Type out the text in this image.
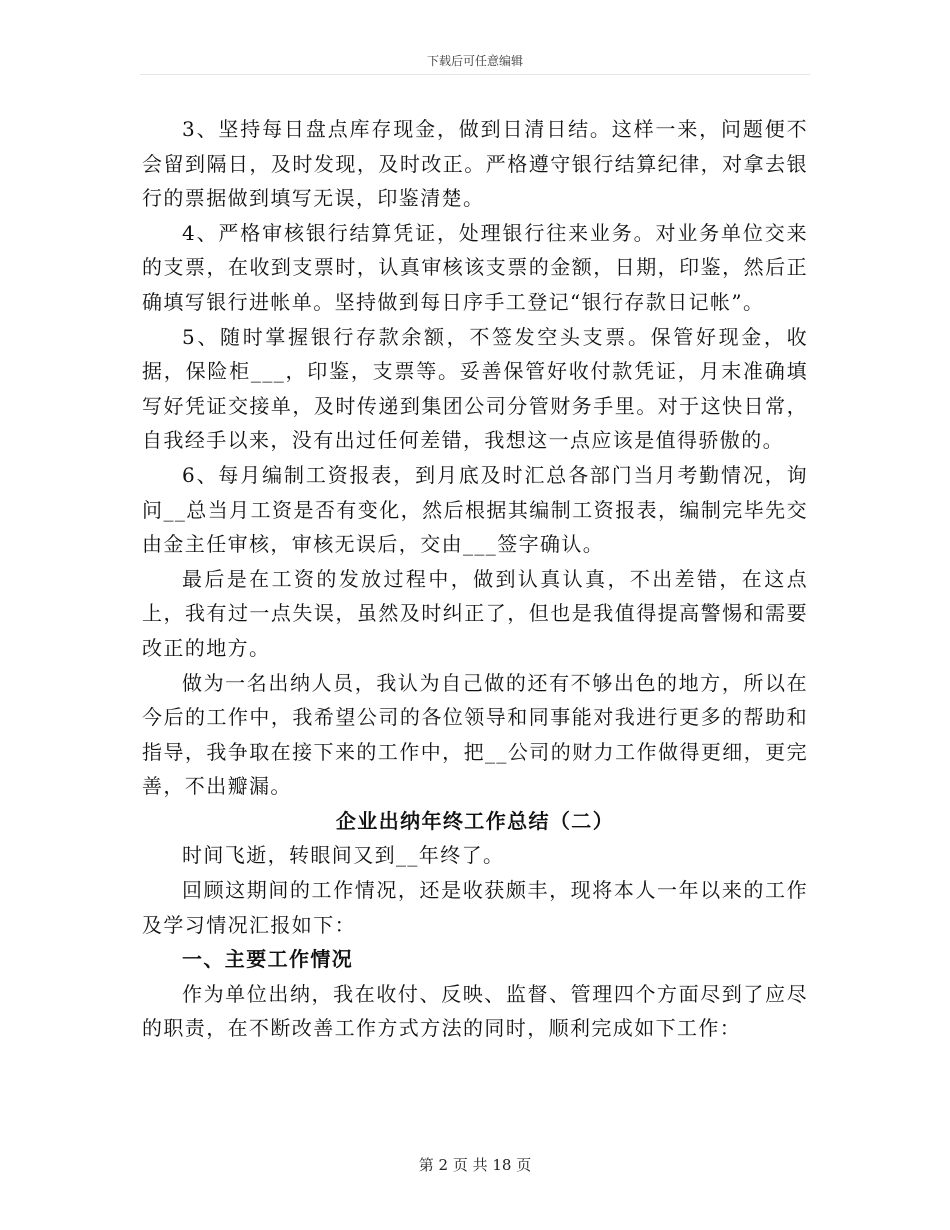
下载后可任意编辑

3、坚持每日盘点库存现金，做到日清日结。这样一来，问题便不会留到隔日，及时发现，及时改正。严格遵守银行结算纪律，对拿去银行的票据做到填写无误，印鉴清楚。

4、严格审核银行结算凭证，处理银行往来业务。对业务单位交来的支票，在收到支票时，认真审核该支票的金额，日期，印鉴，然后正确填写银行进帐单。坚持做到每日序手工登记“银行存款日记帐”。

5、随时掌握银行存款余额，不签发空头支票。保管好现金，收据，保险柜___，印鉴，支票等。妥善保管好收付款凭证，月末准确填写好凭证交接单，及时传递到集团公司分管财务手里。对于这快日常，自我经手以来，没有出过任何差错，我想这一点应该是值得骄傲的。

6、每月编制工资报表，到月底及时汇总各部门当月考勤情况，询问__总当月工资是否有变化，然后根据其编制工资报表，编制完毕先交由金主任审核，审核无误后，交由___签字确认。

最后是在工资的发放过程中，做到认真认真，不出差错，在这点上，我有过一点失误，虽然及时纠正了，但也是我值得提高警惕和需要改正的地方。

做为一名出纳人员，我认为自己做的还有不够出色的地方，所以在今后的工作中，我希望公司的各位领导和同事能对我进行更多的帮助和指导，我争取在接下来的工作中，把__公司的财力工作做得更细，更完善，不出瓣漏。

企业出纳年终工作总结（二）

时间飞逝，转眼间又到__年终了。

回顾这期间的工作情况，还是收获颇丰，现将本人一年以来的工作及学习情况汇报如下：

一、主要工作情况

作为单位出纳，我在收付、反映、监督、管理四个方面尽到了应尽的职责，在不断改善工作方式方法的同时，顺利完成如下工作：

第 2 页 共 18 页
